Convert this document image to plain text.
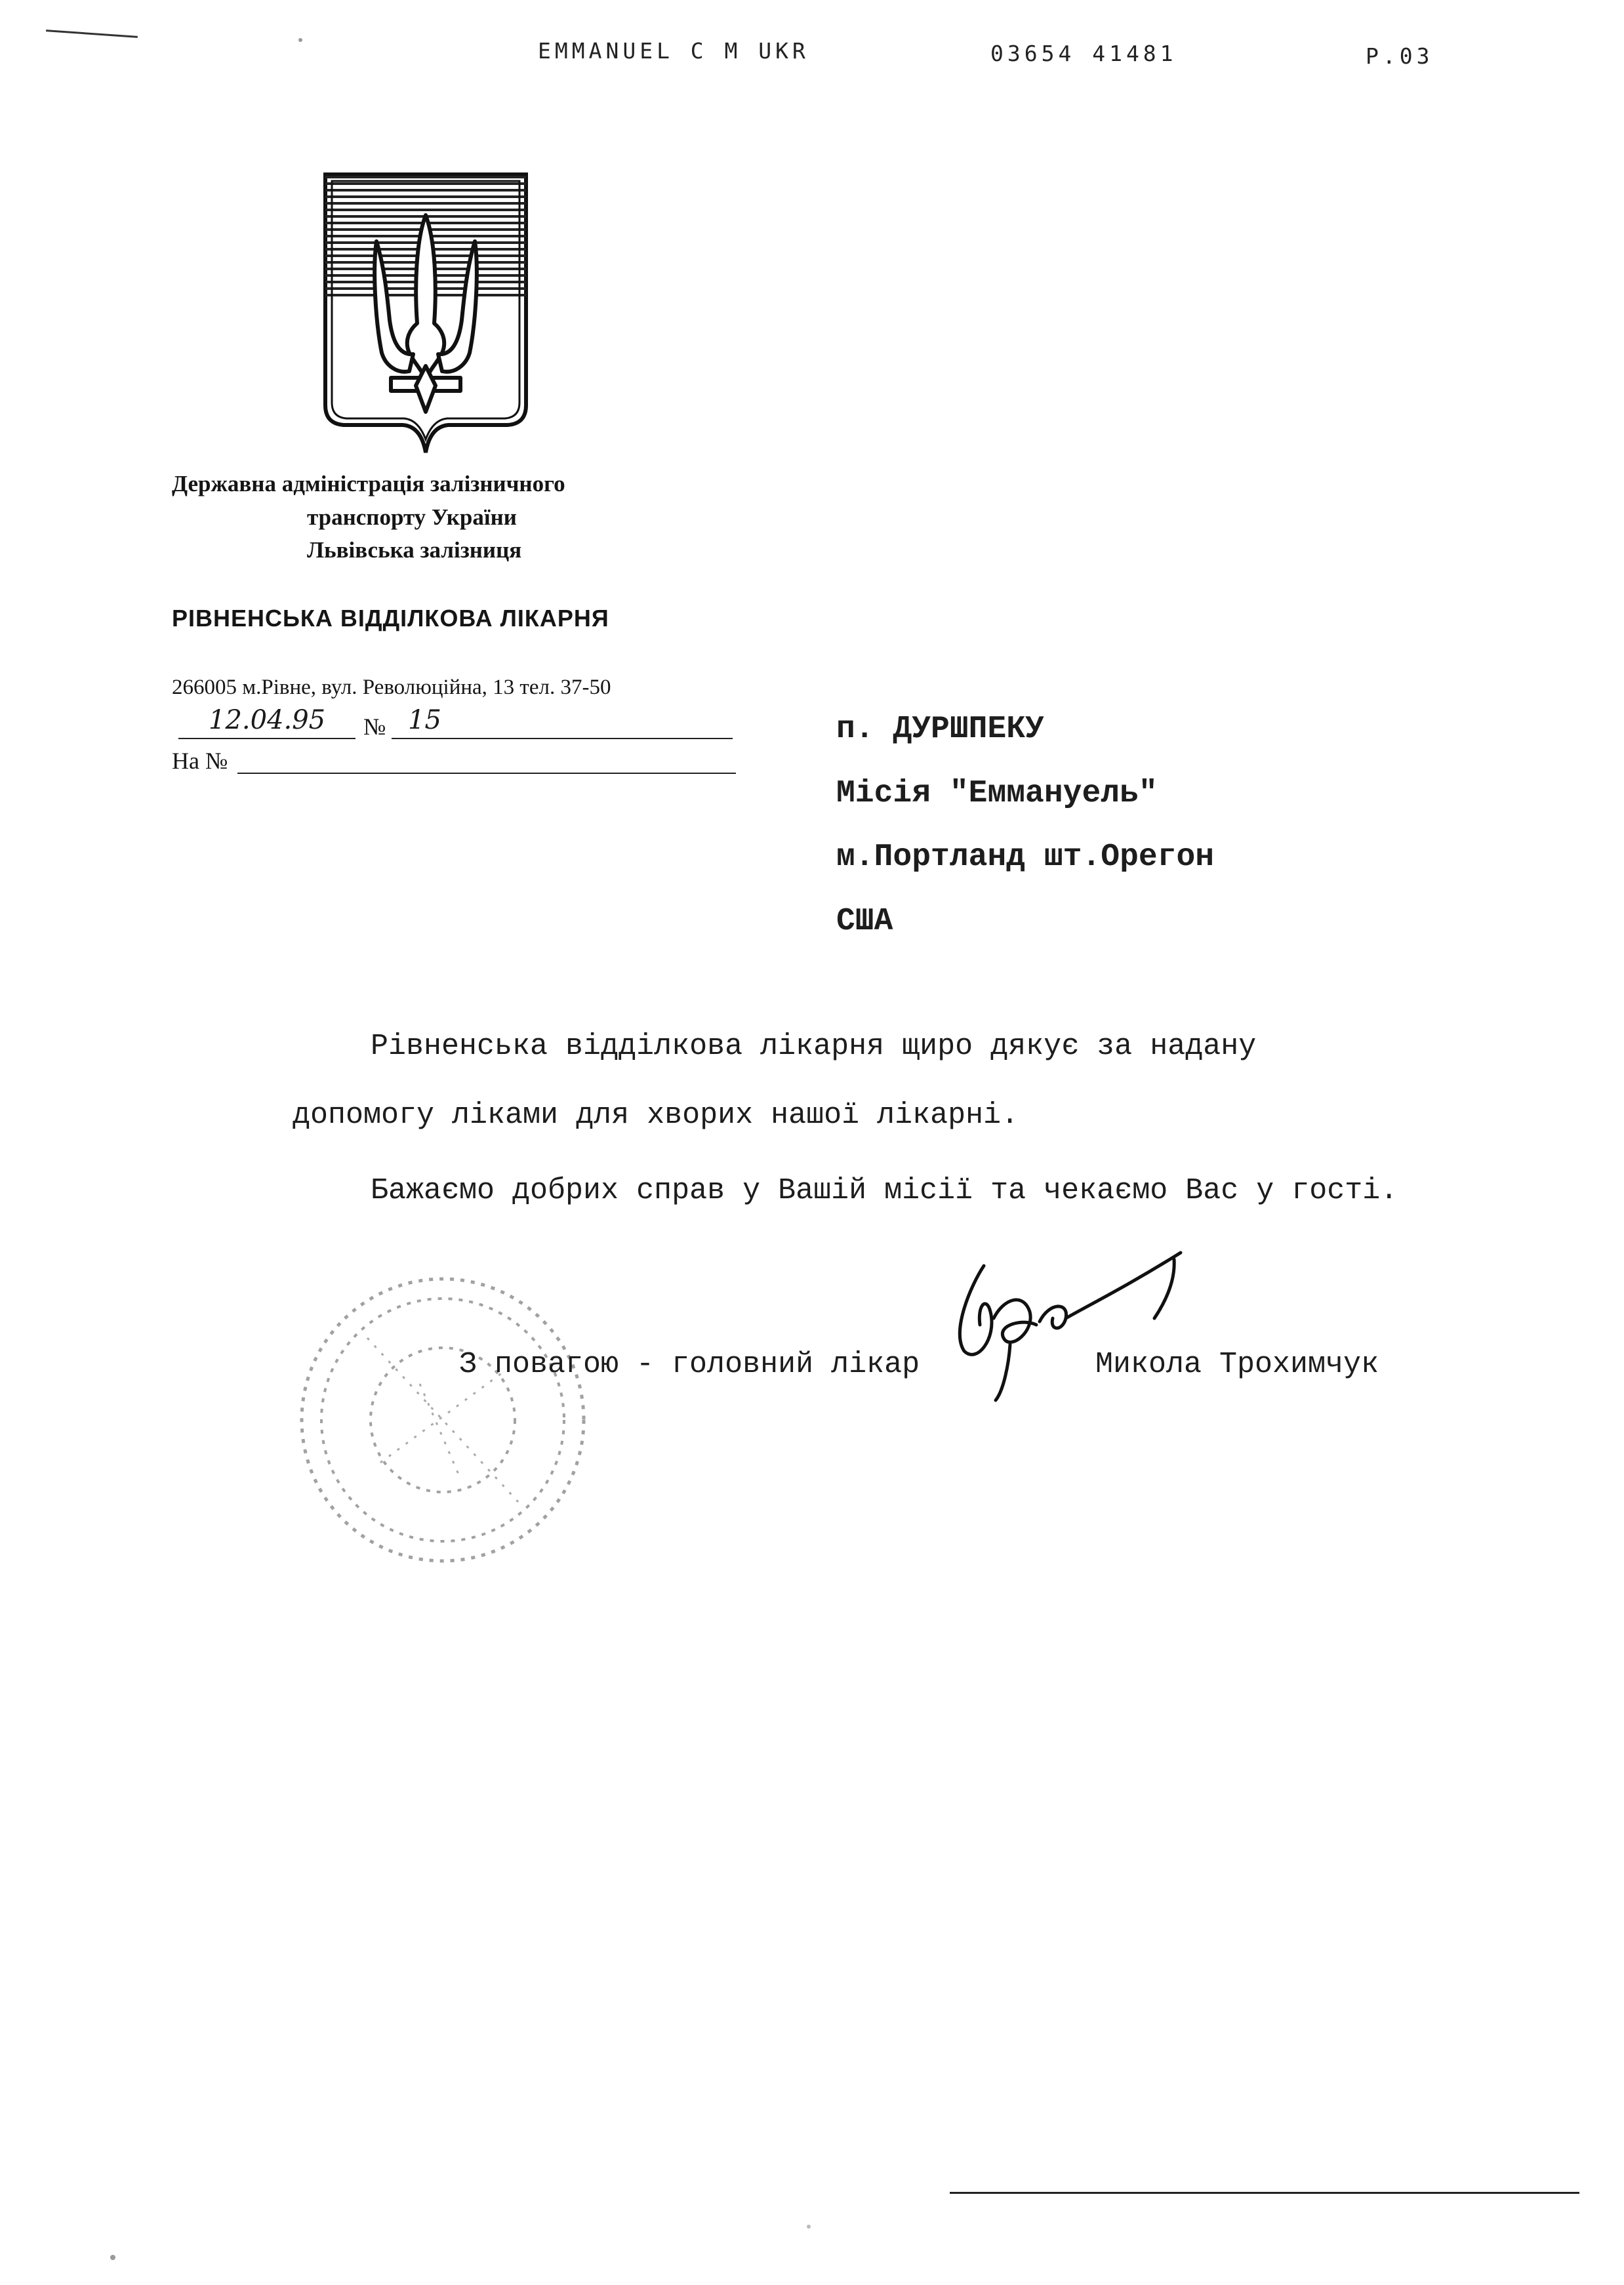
EMMANUEL C M UKR	03654 41481	P.03
Державна адміністрація залізничного
транспорту України
Львівська залізниця
РІВНЕНСЬКА ВІДДІЛКОВА ЛІКАРНЯ
266005 м.Рівне, вул. Революційна, 13 тел. 37-50
12.04.95 № 15
На №
п. ДУРШПЕКУ
Місія "Еммануель"
м.Портланд шт.Орегон
США
Рівненська відділкова лікарня щиро дякує за надану
допомогу ліками для хворих нашої лікарні.
Бажаємо добрих справ у Вашій місії та чекаємо Вас у гості.
З повагою - головний лікар	Микола Трохимчук
